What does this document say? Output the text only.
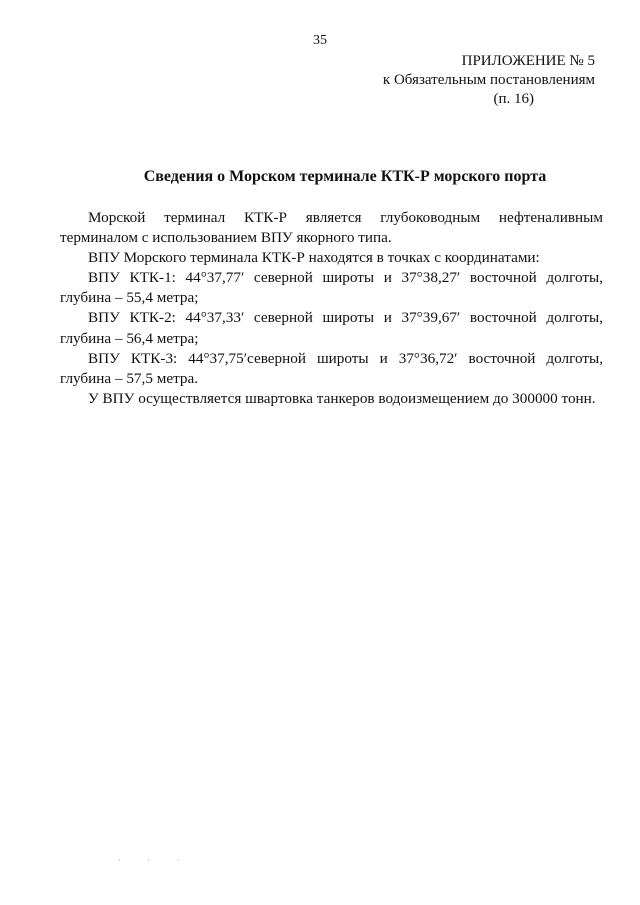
35
ПРИЛОЖЕНИЕ № 5
к Обязательным постановлениям
(п. 16)
Сведения о Морском терминале КТК-Р морского порта

Морской терминал КТК-Р является глубоководным нефтеналивным терминалом с использованием ВПУ якорного типа.

ВПУ Морского терминала КТК-Р находятся в точках с координатами:

ВПУ КТК-1: 44°37,77′ северной широты и 37°38,27′ восточной долготы, глубина – 55,4 метра;

ВПУ КТК-2: 44°37,33′ северной широты и 37°39,67′ восточной долготы, глубина – 56,4 метра;

ВПУ КТК-3: 44°37,75′северной широты и 37°36,72′ восточной долготы, глубина – 57,5 метра.

У ВПУ осуществляется швартовка танкеров водоизмещением до 300000 тонн.

· · ·
